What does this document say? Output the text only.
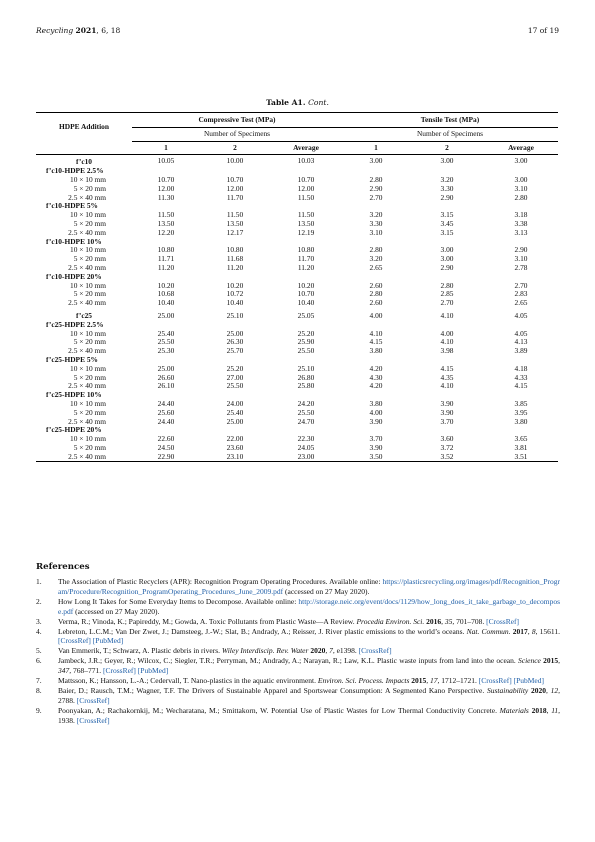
Recycling 2021, 6, 18	17 of 19
Table A1. Cont.
HDPE Addition	Compressive Test (MPa)			Tensile Test (MPa)		
	Number of Specimens			Number of Specimens		
	1	2	Average	1	2	Average
f’c10	10.05	10.00	10.03	3.00	3.00	3.00
f’c10-HDPE 2.5%						
10 × 10 mm	10.70	10.70	10.70	2.80	3.20	3.00
5 × 20 mm	12.00	12.00	12.00	2.90	3.30	3.10
2.5 × 40 mm	11.30	11.70	11.50	2.70	2.90	2.80
f’c10-HDPE 5%						
10 × 10 mm	11.50	11.50	11.50	3.20	3.15	3.18
5 × 20 mm	13.50	13.50	13.50	3.30	3.45	3.38
2.5 × 40 mm	12.20	12.17	12.19	3.10	3.15	3.13
f’c10-HDPE 10%						
10 × 10 mm	10.80	10.80	10.80	2.80	3.00	2.90
5 × 20 mm	11.71	11.68	11.70	3.20	3.00	3.10
2.5 × 40 mm	11.20	11.20	11.20	2.65	2.90	2.78
f’c10-HDPE 20%						
10 × 10 mm	10.20	10.20	10.20	2.60	2.80	2.70
5 × 20 mm	10.68	10.72	10.70	2.80	2.85	2.83
2.5 × 40 mm	10.40	10.40	10.40	2.60	2.70	2.65

f’c25	25.00	25.10	25.05	4.00	4.10	4.05
f’c25-HDPE 2.5%						
10 × 10 mm	25.40	25.00	25.20	4.10	4.00	4.05
5 × 20 mm	25.50	26.30	25.90	4.15	4.10	4.13
2.5 × 40 mm	25.30	25.70	25.50	3.80	3.98	3.89
f’c25-HDPE 5%						
10 × 10 mm	25.00	25.20	25.10	4.20	4.15	4.18
5 × 20 mm	26.60	27.00	26.80	4.30	4.35	4.33
2.5 × 40 mm	26.10	25.50	25.80	4.20	4.10	4.15
f’c25-HDPE 10%						
10 × 10 mm	24.40	24.00	24.20	3.80	3.90	3.85
5 × 20 mm	25.60	25.40	25.50	4.00	3.90	3.95
2.5 × 40 mm	24.40	25.00	24.70	3.90	3.70	3.80
f’c25-HDPE 20%						
10 × 10 mm	22.60	22.00	22.30	3.70	3.60	3.65
5 × 20 mm	24.50	23.60	24.05	3.90	3.72	3.81
2.5 × 40 mm	22.90	23.10	23.00	3.50	3.52	3.51
References
1. The Association of Plastic Recyclers (APR): Recognition Program Operating Procedures. Available online: https://plasticsrecycling.org/images/pdf/Recognition_Program/Procedure/Recognition_ProgramOperating_Procedures_June_2009.pdf (accessed on 27 May 2020).
2. How Long It Takes for Some Everyday Items to Decompose. Available online: http://storage.neic.org/event/docs/1129/how_long_does_it_take_garbage_to_decompose.pdf (accessed on 27 May 2020).
3. Verma, R.; Vinoda, K.; Papireddy, M.; Gowda, A. Toxic Pollutants from Plastic Waste—A Review. Procedia Environ. Sci. 2016, 35, 701–708. [CrossRef]
4. Lebreton, L.C.M.; Van Der Zwet, J.; Damsteeg, J.-W.; Slat, B.; Andrady, A.; Reisser, J. River plastic emissions to the world’s oceans. Nat. Commun. 2017, 8, 15611. [CrossRef] [PubMed]
5. Van Emmerik, T.; Schwarz, A. Plastic debris in rivers. Wiley Interdiscip. Rev. Water 2020, 7, e1398. [CrossRef]
6. Jambeck, J.R.; Geyer, R.; Wilcox, C.; Siegler, T.R.; Perryman, M.; Andrady, A.; Narayan, R.; Law, K.L. Plastic waste inputs from land into the ocean. Science 2015, 347, 768–771. [CrossRef] [PubMed]
7. Mattsson, K.; Hansson, L.-A.; Cedervall, T. Nano-plastics in the aquatic environment. Environ. Sci. Process. Impacts 2015, 17, 1712–1721. [CrossRef] [PubMed]
8. Baier, D.; Rausch, T.M.; Wagner, T.F. The Drivers of Sustainable Apparel and Sportswear Consumption: A Segmented Kano Perspective. Sustainability 2020, 12, 2788. [CrossRef]
9. Poonyakan, A.; Rachakornkij, M.; Wecharatana, M.; Smittakorn, W. Potential Use of Plastic Wastes for Low Thermal Conductivity Concrete. Materials 2018, 11, 1938. [CrossRef]
